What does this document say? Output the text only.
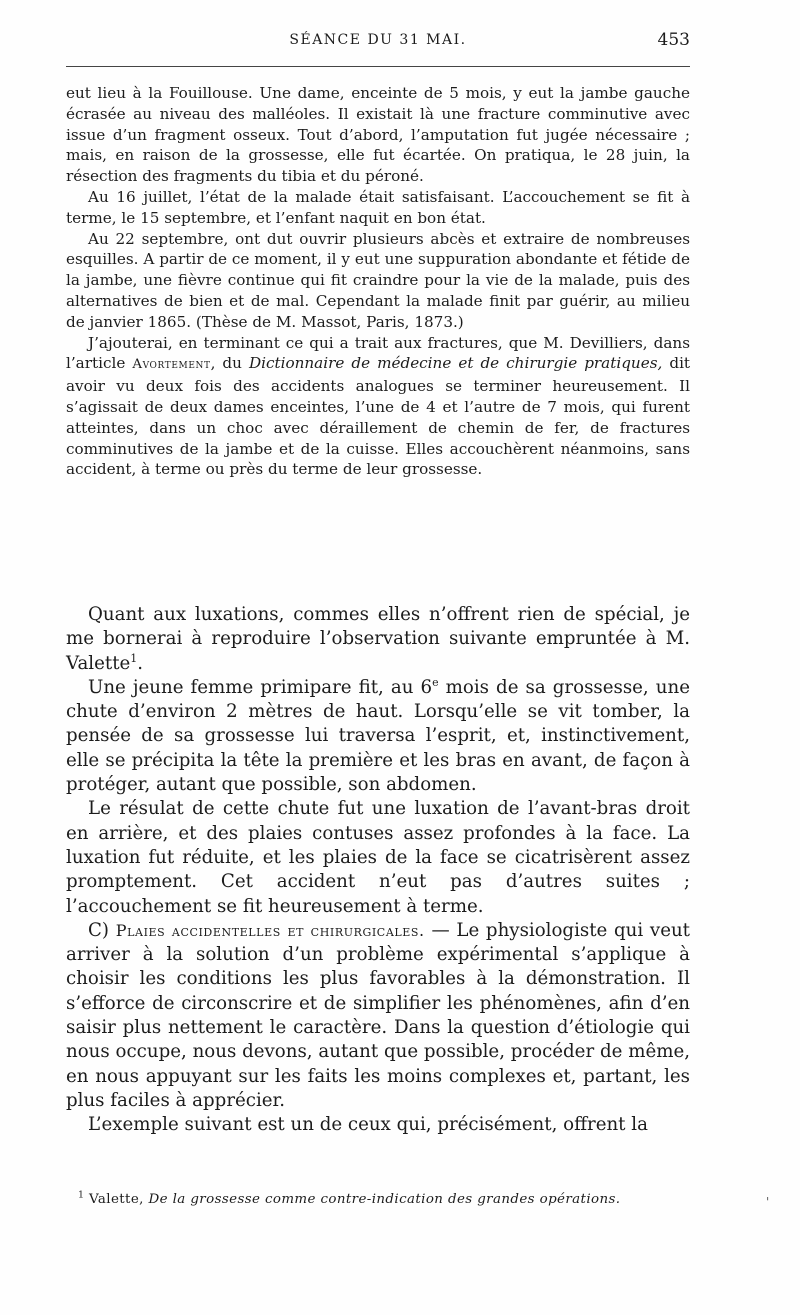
SÉANCE DU 31 MAI.	453

eut lieu à la Fouillouse. Une dame, enceinte de 5 mois, y eut la jambe gauche écrasée au niveau des malléoles. Il existait là une fracture comminutive avec issue d’un fragment osseux. Tout d’abord, l’amputation fut jugée nécessaire ; mais, en raison de la grossesse, elle fut écartée. On pratiqua, le 28 juin, la résection des fragments du tibia et du péroné.

Au 16 juillet, l’état de la malade était satisfaisant. L’accouchement se fit à terme, le 15 septembre, et l’enfant naquit en bon état.

Au 22 septembre, ont dut ouvrir plusieurs abcès et extraire de nombreuses esquilles. A partir de ce moment, il y eut une suppuration abondante et fétide de la jambe, une fièvre continue qui fit craindre pour la vie de la malade, puis des alternatives de bien et de mal. Cependant la malade finit par guérir, au milieu de janvier 1865. (Thèse de M. Massot, Paris, 1873.)

J’ajouterai, en terminant ce qui a trait aux fractures, que M. Devilliers, dans l’article Avortement, du Dictionnaire de médecine et de chirurgie pratiques, dit avoir vu deux fois des accidents analogues se terminer heureusement. Il s’agissait de deux dames enceintes, l’une de 4 et l’autre de 7 mois, qui furent atteintes, dans un choc avec déraillement de chemin de fer, de fractures comminutives de la jambe et de la cuisse. Elles accouchèrent néanmoins, sans accident, à terme ou près du terme de leur grossesse.

Quant aux luxations, commes elles n’offrent rien de spécial, je me bornerai à reproduire l’observation suivante empruntée à M. Valette$^1$.

Une jeune femme primipare fit, au 6e mois de sa grossesse, une chute d’environ 2 mètres de haut. Lorsqu’elle se vit tomber, la pensée de sa grossesse lui traversa l’esprit, et, instinctivement, elle se précipita la tête la première et les bras en avant, de façon à protéger, autant que possible, son abdomen.

Le résulat de cette chute fut une luxation de l’avant-bras droit en arrière, et des plaies contuses assez profondes à la face. La luxation fut réduite, et les plaies de la face se cicatrisèrent assez promptement. Cet accident n’eut pas d’autres suites ; l’accouchement se fit heureusement à terme.

C) Plaies accidentelles et chirurgicales. — Le physiologiste qui veut arriver à la solution d’un problème expérimental s’applique à choisir les conditions les plus favorables à la démonstration. Il s’efforce de circonscrire et de simplifier les phénomènes, afin d’en saisir plus nettement le caractère. Dans la question d’étiologie qui nous occupe, nous devons, autant que possible, procéder de même, en nous appuyant sur les faits les moins complexes et, partant, les plus faciles à apprécier.

L’exemple suivant est un de ceux qui, précisément, offrent la

$^1$ Valette, De la grossesse comme contre-indication des grandes opérations.	'
